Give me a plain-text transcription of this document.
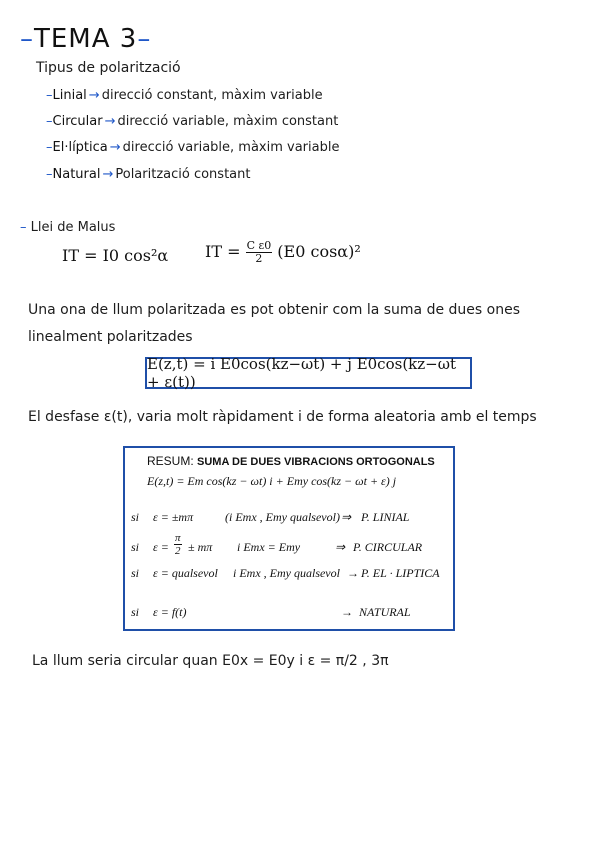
–TEMA 3–
Tipus de polarització
–Linial → direcció constant, màxim variable
–Circular → direcció variable, màxim constant
–El·líptica → direcció variable, màxim variable
–Natural → Polarització constant
– Llei de Malus
IT = I0 cos²α IT = $\frac{\text{C ε0}}{2} (E0$ cosα)²
Una ona de llum polaritzada es pot obtenir com la suma de dues ones
linealment polaritzades
E(z,t) = i E0cos(kz−ωt) + j E0cos(kz−ωt + ε(t))
El desfase ε(t), varia molt ràpidament i de forma aleatoria amb el temps
RESUM: SUMA DE DUES VIBRACIONS ORTOGONALS
E(z,t) = Em cos(kz − ωt) i + Emy cos(kz − ωt + ε) j
si ε = ±mπ	(i Emx , Emy qualsevol) ⇒ P. LINIAL
si $\varepsilon = \frac{\pi}{2} \pm m\pi$ i Emx = Emy	⇒ P. CIRCULAR
si ε = qualsevol i Emx , Emy qualsevol → P. EL · LIPTICA
si ε = f(t)	→ NATURAL
La llum seria circular quan E0x = E0y i ε = π/2 , 3π
